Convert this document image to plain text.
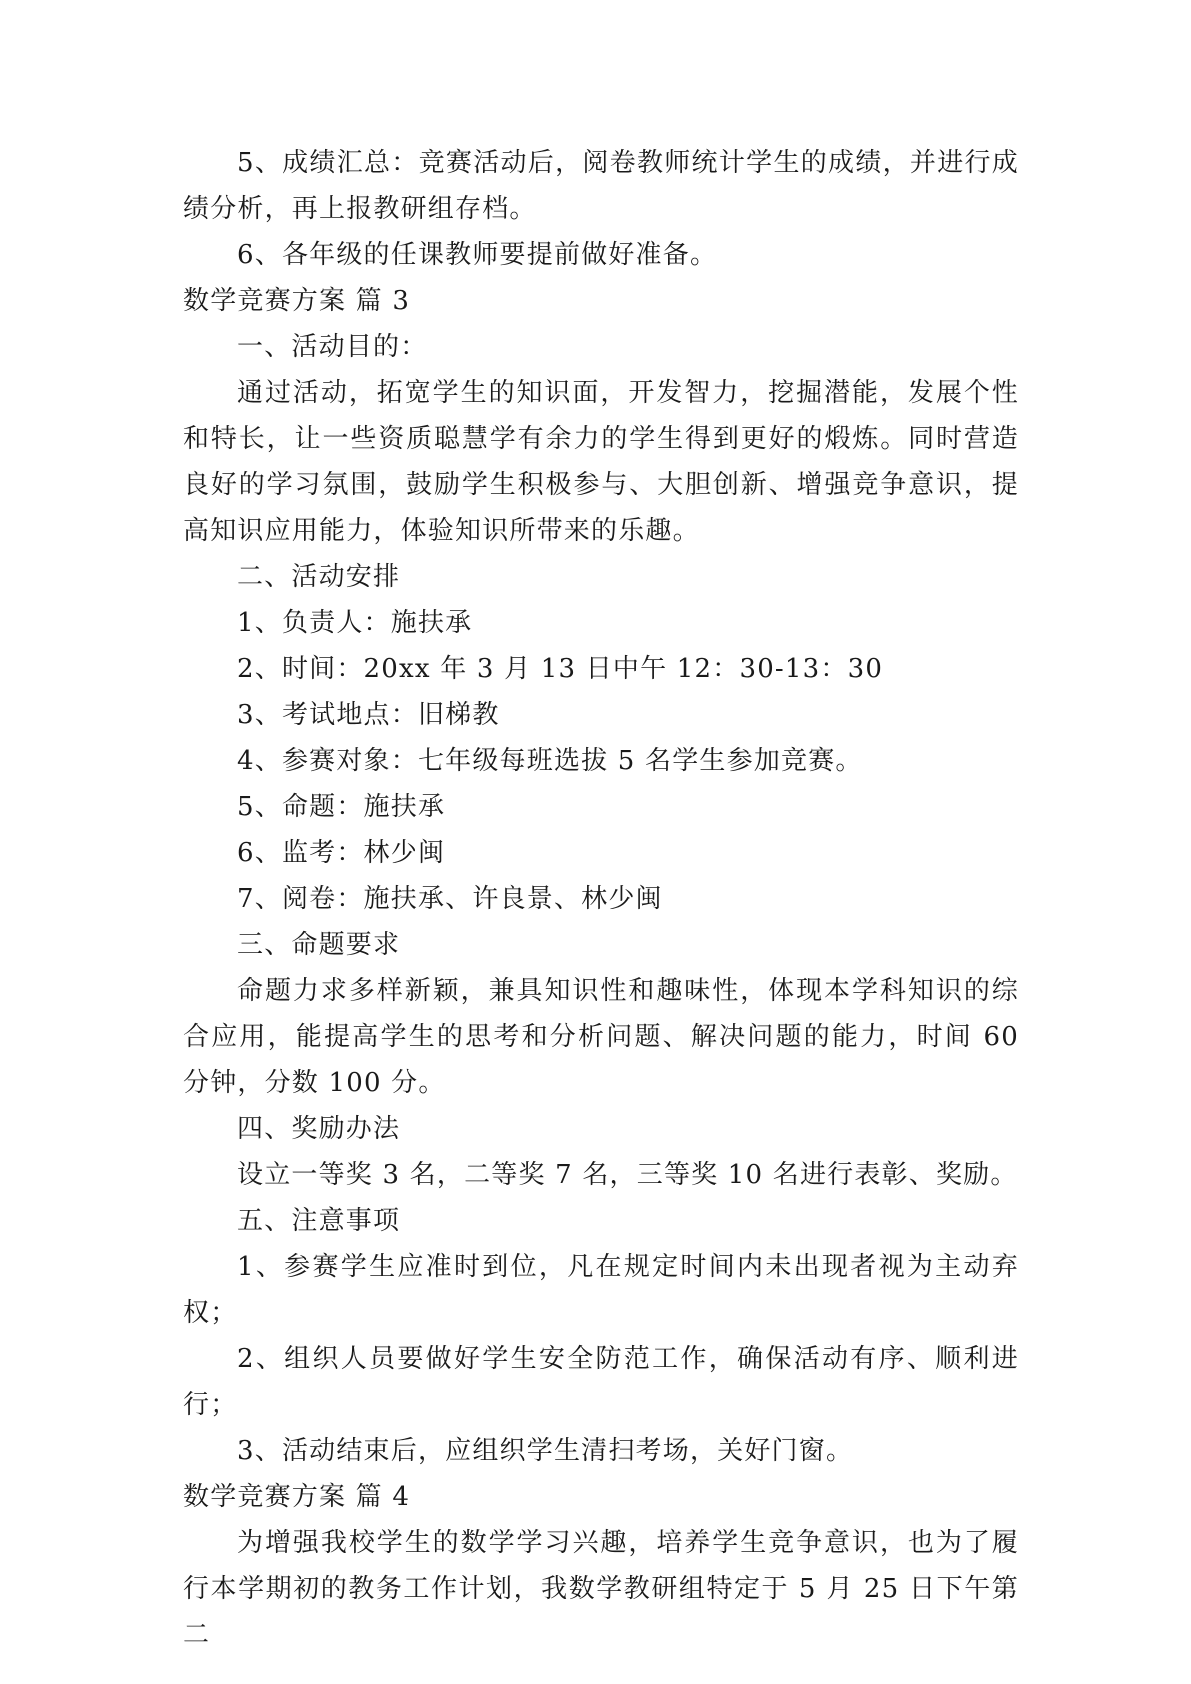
5、成绩汇总：竞赛活动后，阅卷教师统计学生的成绩，并进行成绩分析，再上报教研组存档。

6、各年级的任课教师要提前做好准备。

数学竞赛方案 篇 3

一、活动目的：

通过活动，拓宽学生的知识面，开发智力，挖掘潜能，发展个性和特长，让一些资质聪慧学有余力的学生得到更好的煅炼。同时营造良好的学习氛围，鼓励学生积极参与、大胆创新、增强竞争意识，提高知识应用能力，体验知识所带来的乐趣。

二、活动安排

1、负责人：施扶承

2、时间：20xx 年 3 月 13 日中午 12：30-13：30

3、考试地点：旧梯教

4、参赛对象：七年级每班选拔 5 名学生参加竞赛。

5、命题：施扶承

6、监考：林少闽

7、阅卷：施扶承、许良景、林少闽

三、命题要求

命题力求多样新颖，兼具知识性和趣味性，体现本学科知识的综合应用，能提高学生的思考和分析问题、解决问题的能力，时间 60 分钟，分数 100 分。

四、奖励办法

设立一等奖 3 名，二等奖 7 名，三等奖 10 名进行表彰、奖励。

五、注意事项

1、参赛学生应准时到位，凡在规定时间内未出现者视为主动弃权；

2、组织人员要做好学生安全防范工作，确保活动有序、顺利进行；

3、活动结束后，应组织学生清扫考场，关好门窗。

数学竞赛方案 篇 4

为增强我校学生的数学学习兴趣，培养学生竞争意识，也为了履行本学期初的教务工作计划，我数学教研组特定于 5 月 25 日下午第二
